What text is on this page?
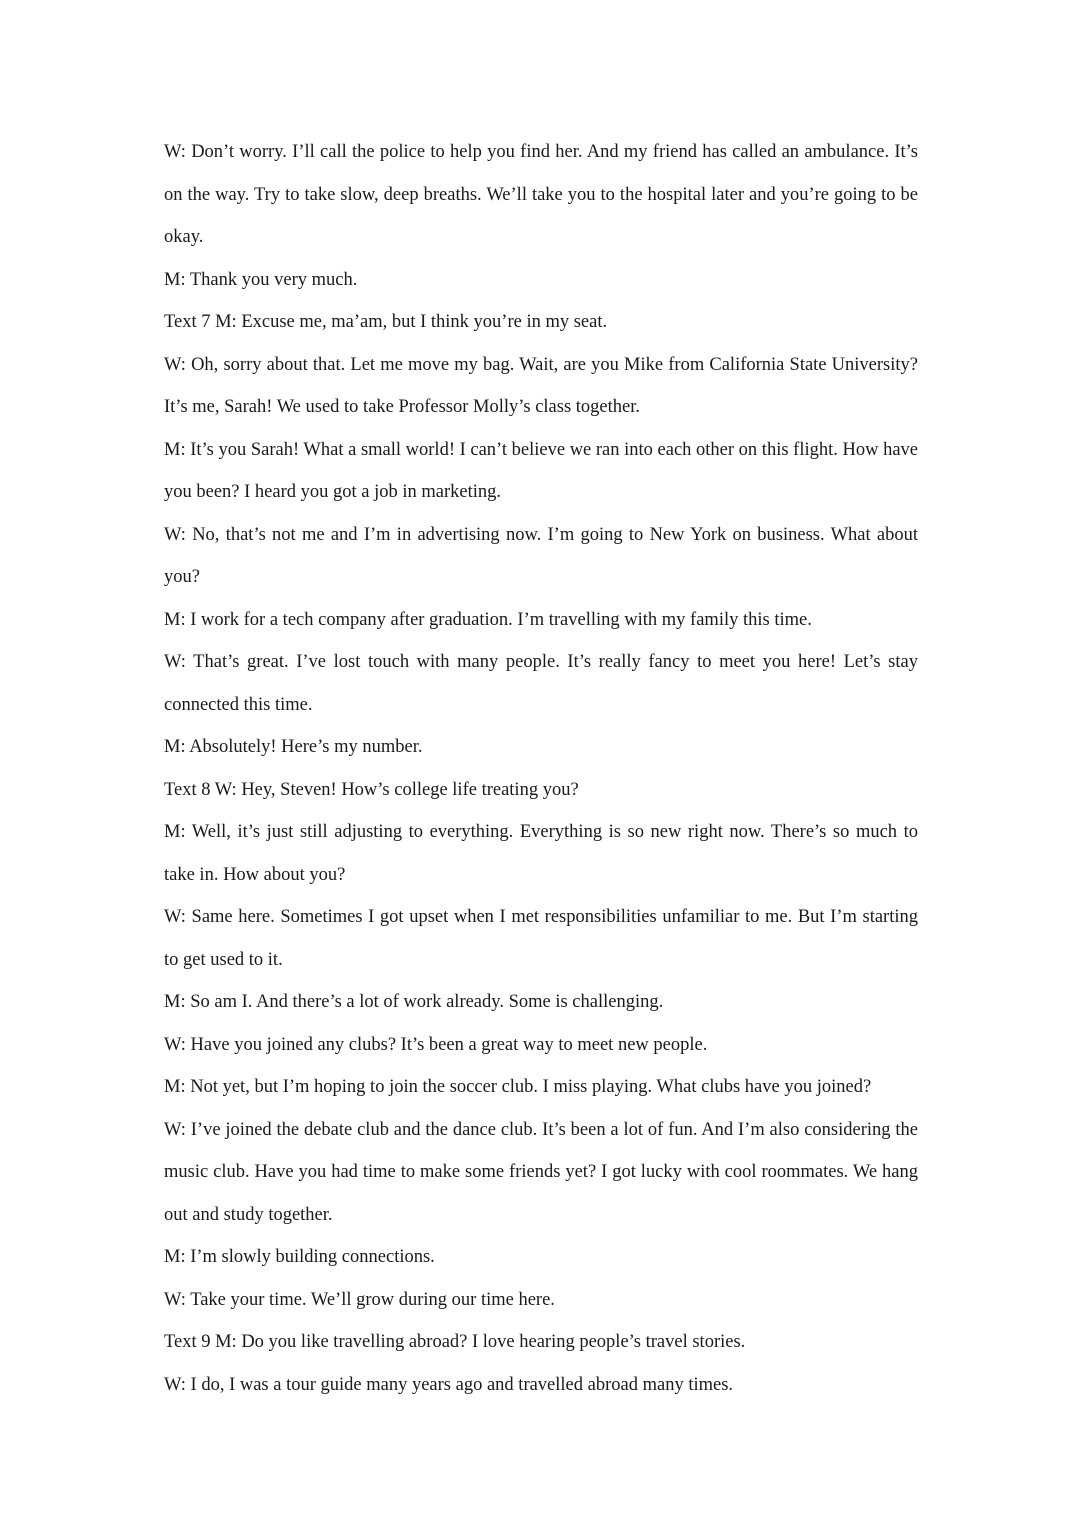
W: Don’t worry. I’ll call the police to help you find her. And my friend has called an ambulance. It’s on the way. Try to take slow, deep breaths. We’ll take you to the hospital later and you’re going to be okay.

M: Thank you very much.

Text 7 M: Excuse me, ma’am, but I think you’re in my seat.

W: Oh, sorry about that. Let me move my bag. Wait, are you Mike from California State University? It’s me, Sarah! We used to take Professor Molly’s class together.

M: It’s you Sarah! What a small world! I can’t believe we ran into each other on this flight. How have you been? I heard you got a job in marketing.

W: No, that’s not me and I’m in advertising now. I’m going to New York on business. What about you?

M: I work for a tech company after graduation. I’m travelling with my family this time.

W: That’s great. I’ve lost touch with many people. It’s really fancy to meet you here! Let’s stay connected this time.

M: Absolutely! Here’s my number.

Text 8 W: Hey, Steven! How’s college life treating you?

M: Well, it’s just still adjusting to everything. Everything is so new right now. There’s so much to take in. How about you?

W: Same here. Sometimes I got upset when I met responsibilities unfamiliar to me. But I’m starting to get used to it.

M: So am I. And there’s a lot of work already. Some is challenging.

W: Have you joined any clubs? It’s been a great way to meet new people.

M: Not yet, but I’m hoping to join the soccer club. I miss playing. What clubs have you joined?

W: I’ve joined the debate club and the dance club. It’s been a lot of fun. And I’m also considering the music club. Have you had time to make some friends yet? I got lucky with cool roommates. We hang out and study together.

M: I’m slowly building connections.

W: Take your time. We’ll grow during our time here.

Text 9 M: Do you like travelling abroad? I love hearing people’s travel stories.

W: I do, I was a tour guide many years ago and travelled abroad many times.
